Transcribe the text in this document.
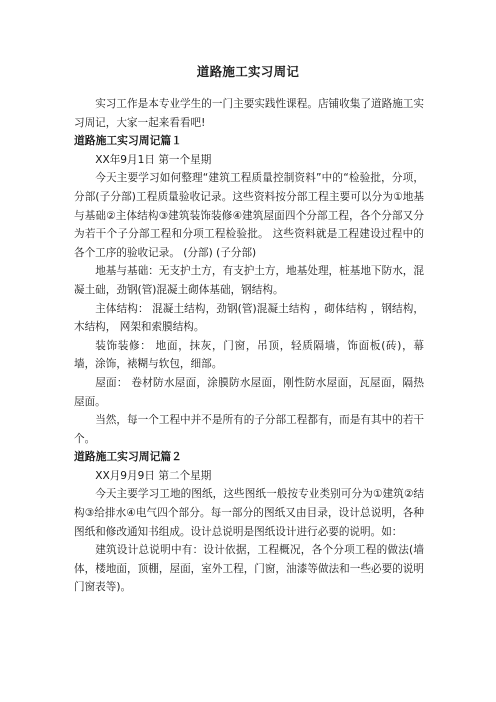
道路施工实习周记

实习工作是本专业学生的一门主要实践性课程。店铺收集了道路施工实习周记，大家一起来看看吧!

道路施工实习周记篇１

XX年9月1日 第一个星期

今天主要学习如何整理“建筑工程质量控制资料”中的“检验批，分项，分部(子分部)工程质量验收记录。这些资料按分部工程主要可以分为①地基与基础②主体结构③建筑装饰装修④建筑屋面四个分部工程，各个分部又分为若干个子分部工程和分项工程检验批。 这些资料就是工程建设过程中的各个工序的验收记录。 (分部) (子分部)

地基与基础：无支护土方，有支护土方，地基处理，桩基地下防水，混凝土础，劲钢(管)混凝土砌体基础，钢结构。

主体结构： 混凝土结构，劲钢(管)混凝土结构 ，砌体结构 ，钢结构，木结构， 网架和索膜结构。

装饰装修： 地面，抹灰，门窗，吊顶，轻质隔墙，饰面板(砖)，幕墙，涂饰，裱糊与软包，细部。

屋面： 卷材防水屋面，涂膜防水屋面，刚性防水屋面，瓦屋面，隔热屋面。

当然，每一个工程中并不是所有的子分部工程都有，而是有其中的若干个。

道路施工实习周记篇２

XX月9月9日 第二个星期

今天主要学习工地的图纸，这些图纸一般按专业类别可分为①建筑②结构③给排水④电气四个部分。每一部分的图纸又由目录，设计总说明，各种图纸和修改通知书组成。设计总说明是图纸设计进行必要的说明。如：

建筑设计总说明中有：设计依据，工程概况，各个分项工程的做法(墙体，楼地面，顶棚，屋面，室外工程，门窗，油漆等做法和一些必要的说明门窗表等)。
